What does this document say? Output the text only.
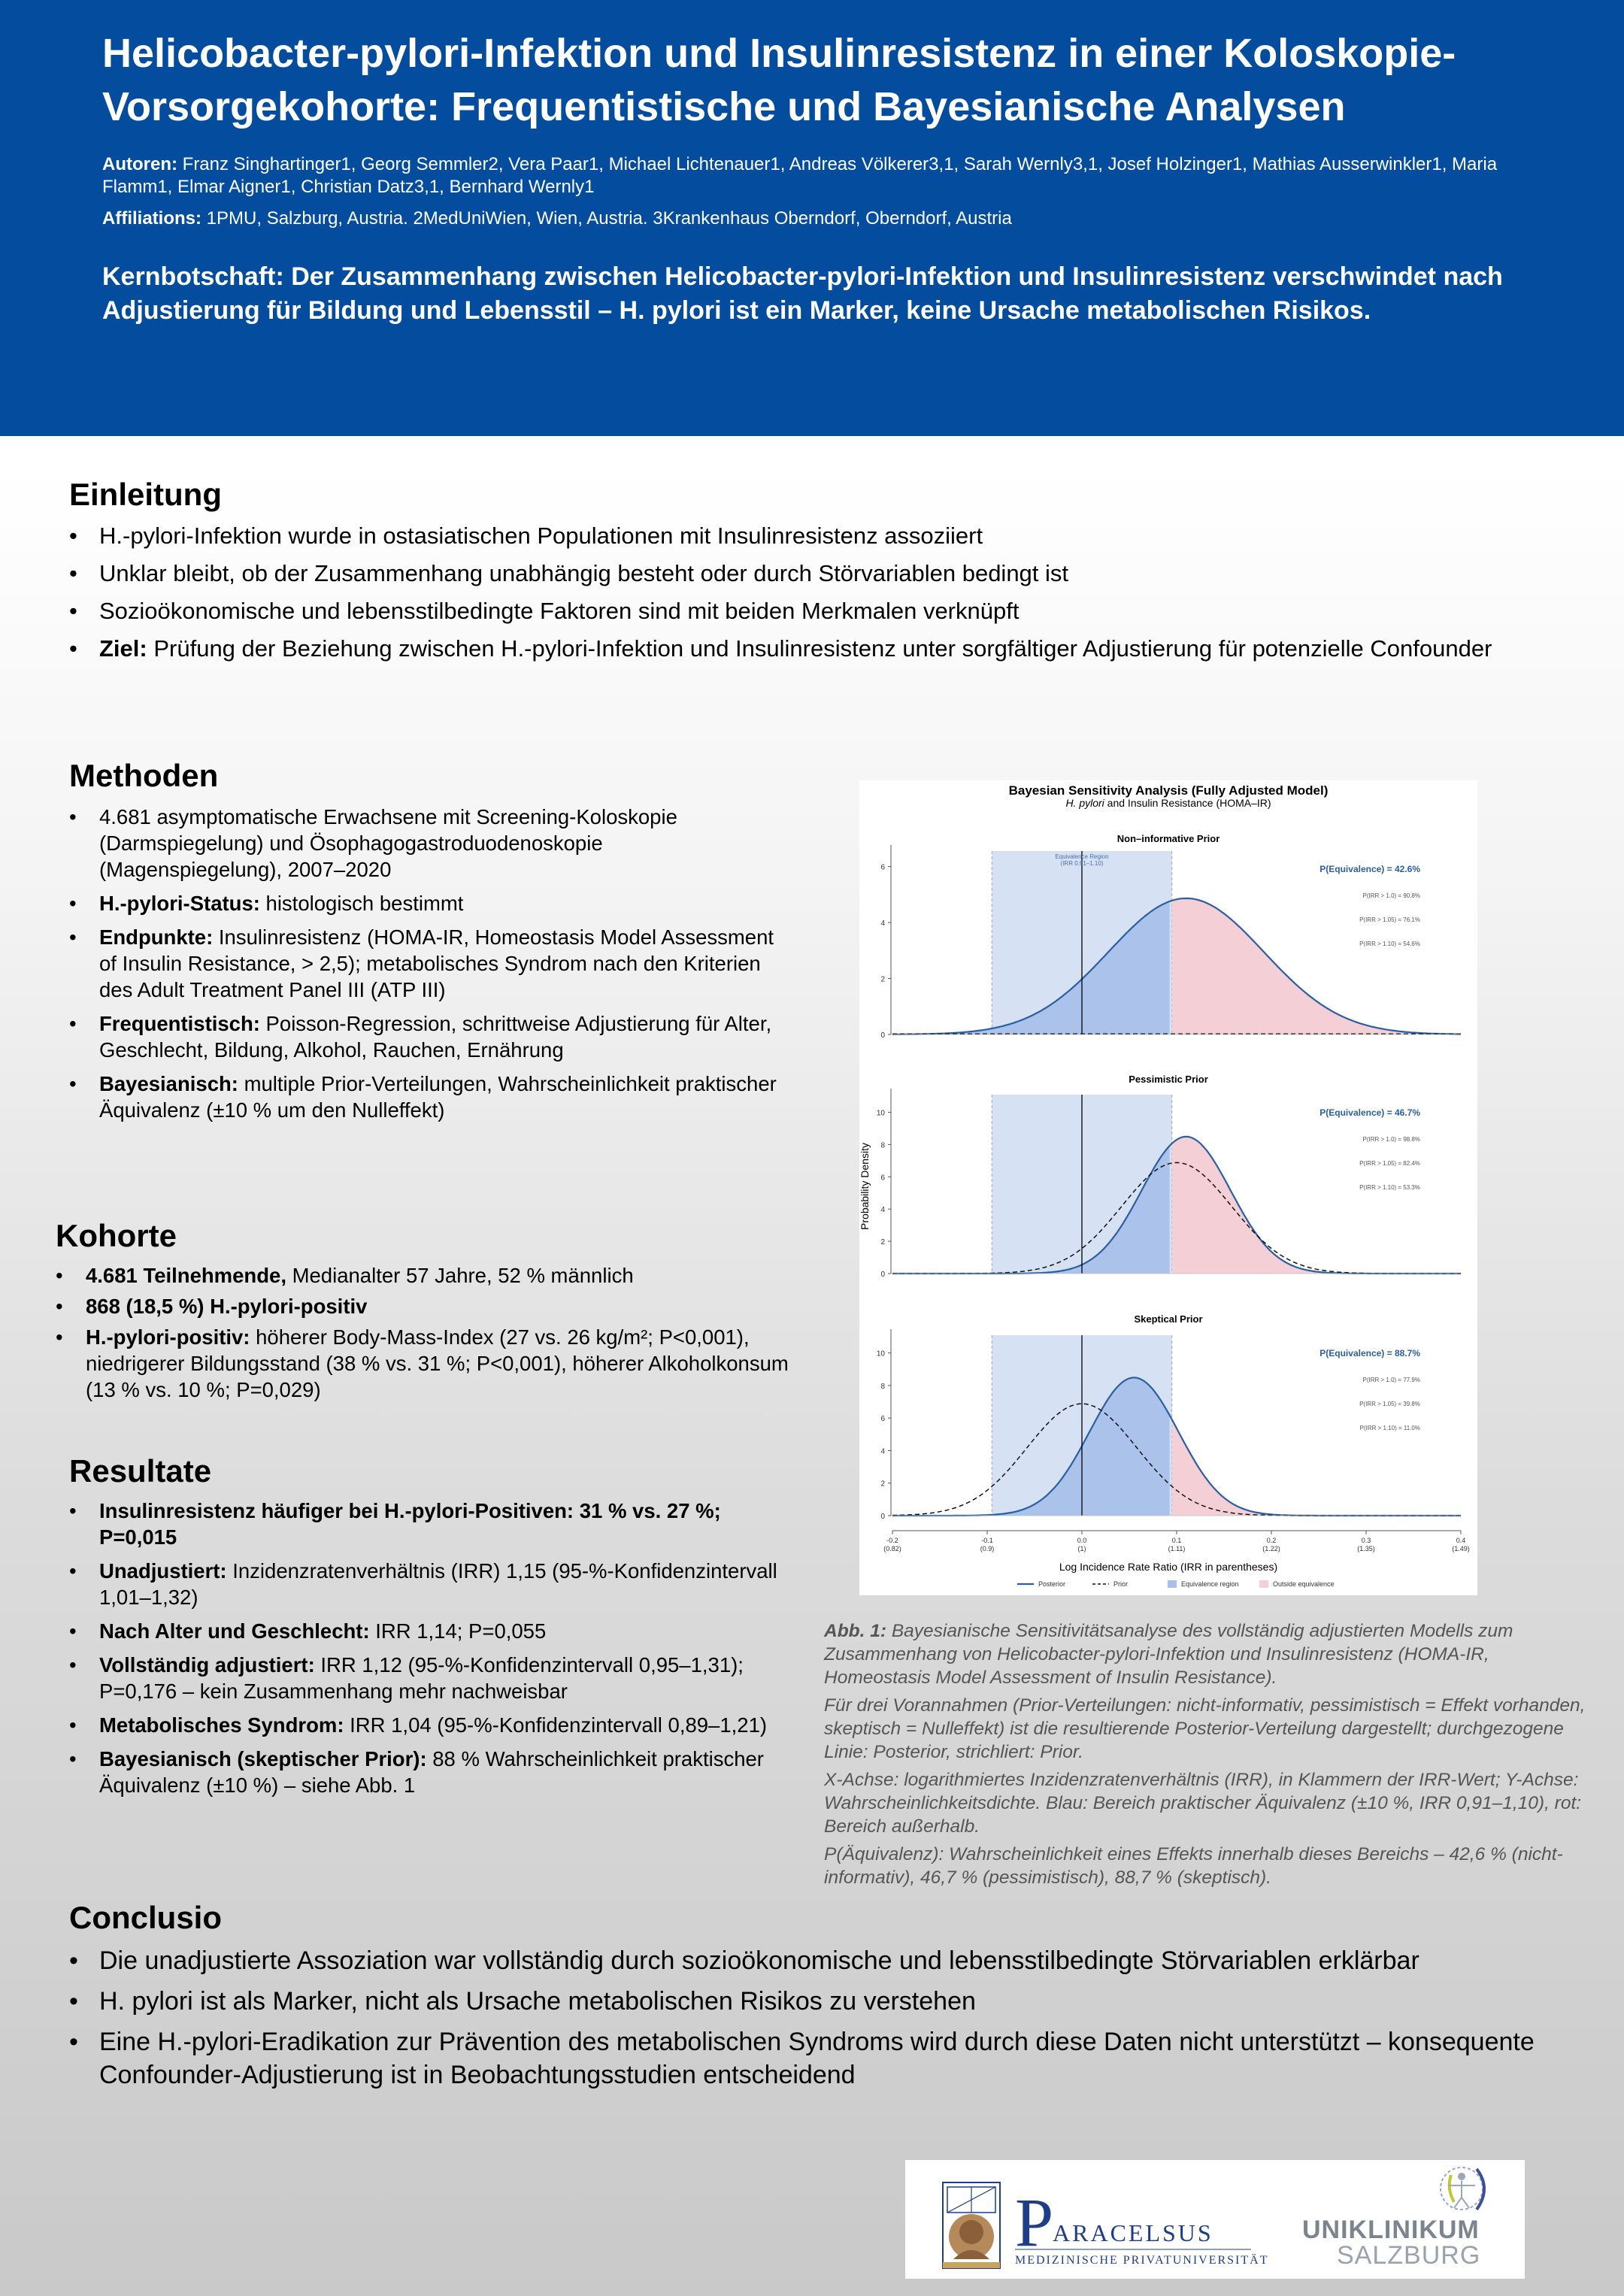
Helicobacter-pylori-Infektion und Insulinresistenz in einer Koloskopie-Vorsorgekohorte: Frequentistische und Bayesianische Analysen
Autoren: Franz Singhartinger1, Georg Semmler2, Vera Paar1, Michael Lichtenauer1, Andreas Völkerer3,1, Sarah Wernly3,1, Josef Holzinger1, Mathias Ausserwinkler1, Maria Flamm1, Elmar Aigner1, Christian Datz3,1, Bernhard Wernly1
Affiliations: 1PMU, Salzburg, Austria. 2MedUniWien, Wien, Austria. 3Krankenhaus Oberndorf, Oberndorf, Austria
Kernbotschaft: Der Zusammenhang zwischen Helicobacter-pylori-Infektion und Insulinresistenz verschwindet nach Adjustierung für Bildung und Lebensstil – H. pylori ist ein Marker, keine Ursache metabolischen Risikos.
Einleitung
• H.-pylori-Infektion wurde in ostasiatischen Populationen mit Insulinresistenz assoziiert
• Unklar bleibt, ob der Zusammenhang unabhängig besteht oder durch Störvariablen bedingt ist
• Sozioökonomische und lebensstilbedingte Faktoren sind mit beiden Merkmalen verknüpft
• Ziel: Prüfung der Beziehung zwischen H.-pylori-Infektion und Insulinresistenz unter sorgfältiger Adjustierung für potenzielle Confounder
Methoden
• 4.681 asymptomatische Erwachsene mit Screening-Koloskopie (Darmspiegelung) und Ösophagogastroduodenoskopie (Magenspiegelung), 2007–2020
• H.-pylori-Status: histologisch bestimmt
• Endpunkte: Insulinresistenz (HOMA-IR, Homeostasis Model Assessment of Insulin Resistance, > 2,5); metabolisches Syndrom nach den Kriterien des Adult Treatment Panel III (ATP III)
• Frequentistisch: Poisson-Regression, schrittweise Adjustierung für Alter, Geschlecht, Bildung, Alkohol, Rauchen, Ernährung
• Bayesianisch: multiple Prior-Verteilungen, Wahrscheinlichkeit praktischer Äquivalenz (±10 % um den Nulleffekt)
Kohorte
• 4.681 Teilnehmende, Medianalter 57 Jahre, 52 % männlich
• 868 (18,5 %) H.-pylori-positiv
• H.-pylori-positiv: höherer Body-Mass-Index (27 vs. 26 kg/m²; P<0,001), niedrigerer Bildungsstand (38 % vs. 31 %; P<0,001), höherer Alkoholkonsum (13 % vs. 10 %; P=0,029)
Resultate
• Insulinresistenz häufiger bei H.-pylori-Positiven: 31 % vs. 27 %; P=0,015
• Unadjustiert: Inzidenzratenverhältnis (IRR) 1,15 (95-%-Konfidenzintervall 1,01–1,32)
• Nach Alter und Geschlecht: IRR 1,14; P=0,055
• Vollständig adjustiert: IRR 1,12 (95-%-Konfidenzintervall 0,95–1,31); P=0,176 – kein Zusammenhang mehr nachweisbar
• Metabolisches Syndrom: IRR 1,04 (95-%-Konfidenzintervall 0,89–1,21)
• Bayesianisch (skeptischer Prior): 88 % Wahrscheinlichkeit praktischer Äquivalenz (±10 %) – siehe Abb. 1
Bayesian Sensitivity Analysis (Fully Adjusted Model)
H. pylori and Insulin Resistance (HOMA–IR)
Probability Density
Non–informative Prior
0
2
4
6
Equivalence Region
(IRR 0.91–1.10)
P(Equivalence) = 42.6%
P(IRR > 1.0) = 90.8%
P(IRR > 1.05) = 76.1%
P(IRR > 1.10) = 54.6%
Pessimistic Prior
0
2
4
6
8
10	P(Equivalence) = 46.7%
P(IRR > 1.0) = 98.8%
P(IRR > 1.05) = 82.4%
P(IRR > 1.10) = 53.3%
Skeptical Prior
0
2
4
6
8
10	P(Equivalence) = 88.7%
P(IRR > 1.0) = 77.9%
P(IRR > 1.05) = 39.8%
P(IRR > 1.10) = 11.0%
-0.2
(0.82)
-0.1
(0.9)
0.0
(1)
0.1
(1.11)
0.2
(1.22)
0.3
(1.35)
0.4
(1.49)
Log Incidence Rate Ratio (IRR in parentheses)
Posterior	Prior	Equivalence region	Outside equivalence

Abb. 1: Bayesianische Sensitivitätsanalyse des vollständig adjustierten Modells zum Zusammenhang von Helicobacter-pylori-Infektion und Insulinresistenz (HOMA-IR, Homeostasis Model Assessment of Insulin Resistance).

Für drei Vorannahmen (Prior-Verteilungen: nicht-informativ, pessimistisch = Effekt vorhanden, skeptisch = Nulleffekt) ist die resultierende Posterior-Verteilung dargestellt; durchgezogene Linie: Posterior, strichliert: Prior.

X-Achse: logarithmiertes Inzidenzratenverhältnis (IRR), in Klammern der IRR-Wert; Y-Achse: Wahrscheinlichkeitsdichte. Blau: Bereich praktischer Äquivalenz (±10 %, IRR 0,91–1,10), rot: Bereich außerhalb.

P(Äquivalenz): Wahrscheinlichkeit eines Effekts innerhalb dieses Bereichs – 42,6 % (nicht-informativ), 46,7 % (pessimistisch), 88,7 % (skeptisch).

Conclusio
• Die unadjustierte Assoziation war vollständig durch sozioökonomische und lebensstilbedingte Störvariablen erklärbar
• H. pylori ist als Marker, nicht als Ursache metabolischen Risikos zu verstehen
• Eine H.-pylori-Eradikation zur Prävention des metabolischen Syndroms wird durch diese Daten nicht unterstützt – konsequente Confounder-Adjustierung ist in Beobachtungsstudien entscheidend
P
ARACELSUS
MEDIZINISCHE PRIVATUNIVERSITÄT
UNIKLINIKUM
SALZBURG
